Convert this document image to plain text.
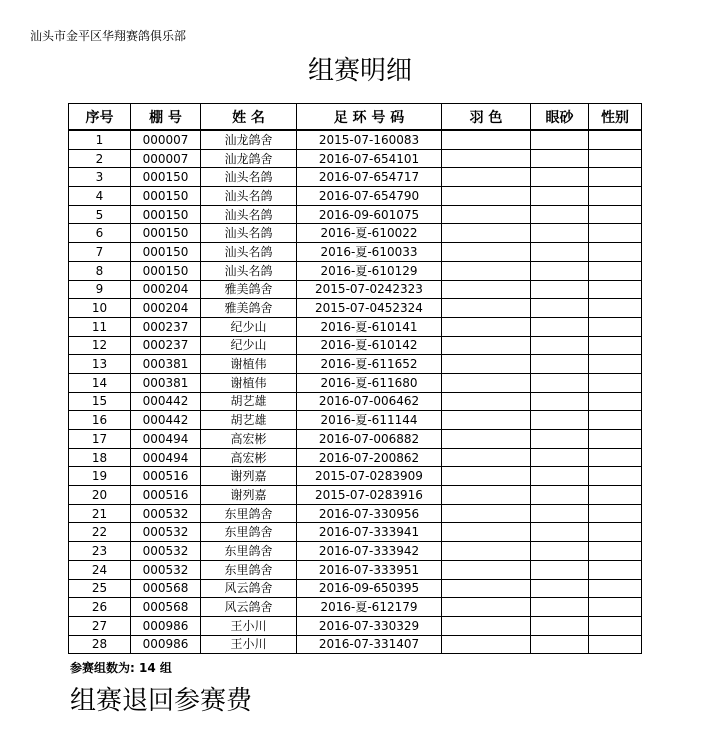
汕头市金平区华翔赛鸽俱乐部
组赛明细
序号	棚 号	姓 名	足 环 号 码	羽 色	眼砂	性别
1	000007	汕龙鸽舍	2015-07-160083			
2	000007	汕龙鸽舍	2016-07-654101			
3	000150	汕头名鸽	2016-07-654717			
4	000150	汕头名鸽	2016-07-654790			
5	000150	汕头名鸽	2016-09-601075			
6	000150	汕头名鸽	2016-夏-610022			
7	000150	汕头名鸽	2016-夏-610033			
8	000150	汕头名鸽	2016-夏-610129			
9	000204	雅美鸽舍	2015-07-0242323			
10	000204	雅美鸽舍	2015-07-0452324			
11	000237	纪少山	2016-夏-610141			
12	000237	纪少山	2016-夏-610142			
13	000381	谢植伟	2016-夏-611652			
14	000381	谢植伟	2016-夏-611680			
15	000442	胡艺雄	2016-07-006462			
16	000442	胡艺雄	2016-夏-611144			
17	000494	高宏彬	2016-07-006882			
18	000494	高宏彬	2016-07-200862			
19	000516	谢列嘉	2015-07-0283909			
20	000516	谢列嘉	2015-07-0283916			
21	000532	东里鸽舍	2016-07-330956			
22	000532	东里鸽舍	2016-07-333941			
23	000532	东里鸽舍	2016-07-333942			
24	000532	东里鸽舍	2016-07-333951			
25	000568	风云鸽舍	2016-09-650395			
26	000568	风云鸽舍	2016-夏-612179			
27	000986	王小川	2016-07-330329			
28	000986	王小川	2016-07-331407			
参赛组数为: 14 组
组赛退回参赛费
